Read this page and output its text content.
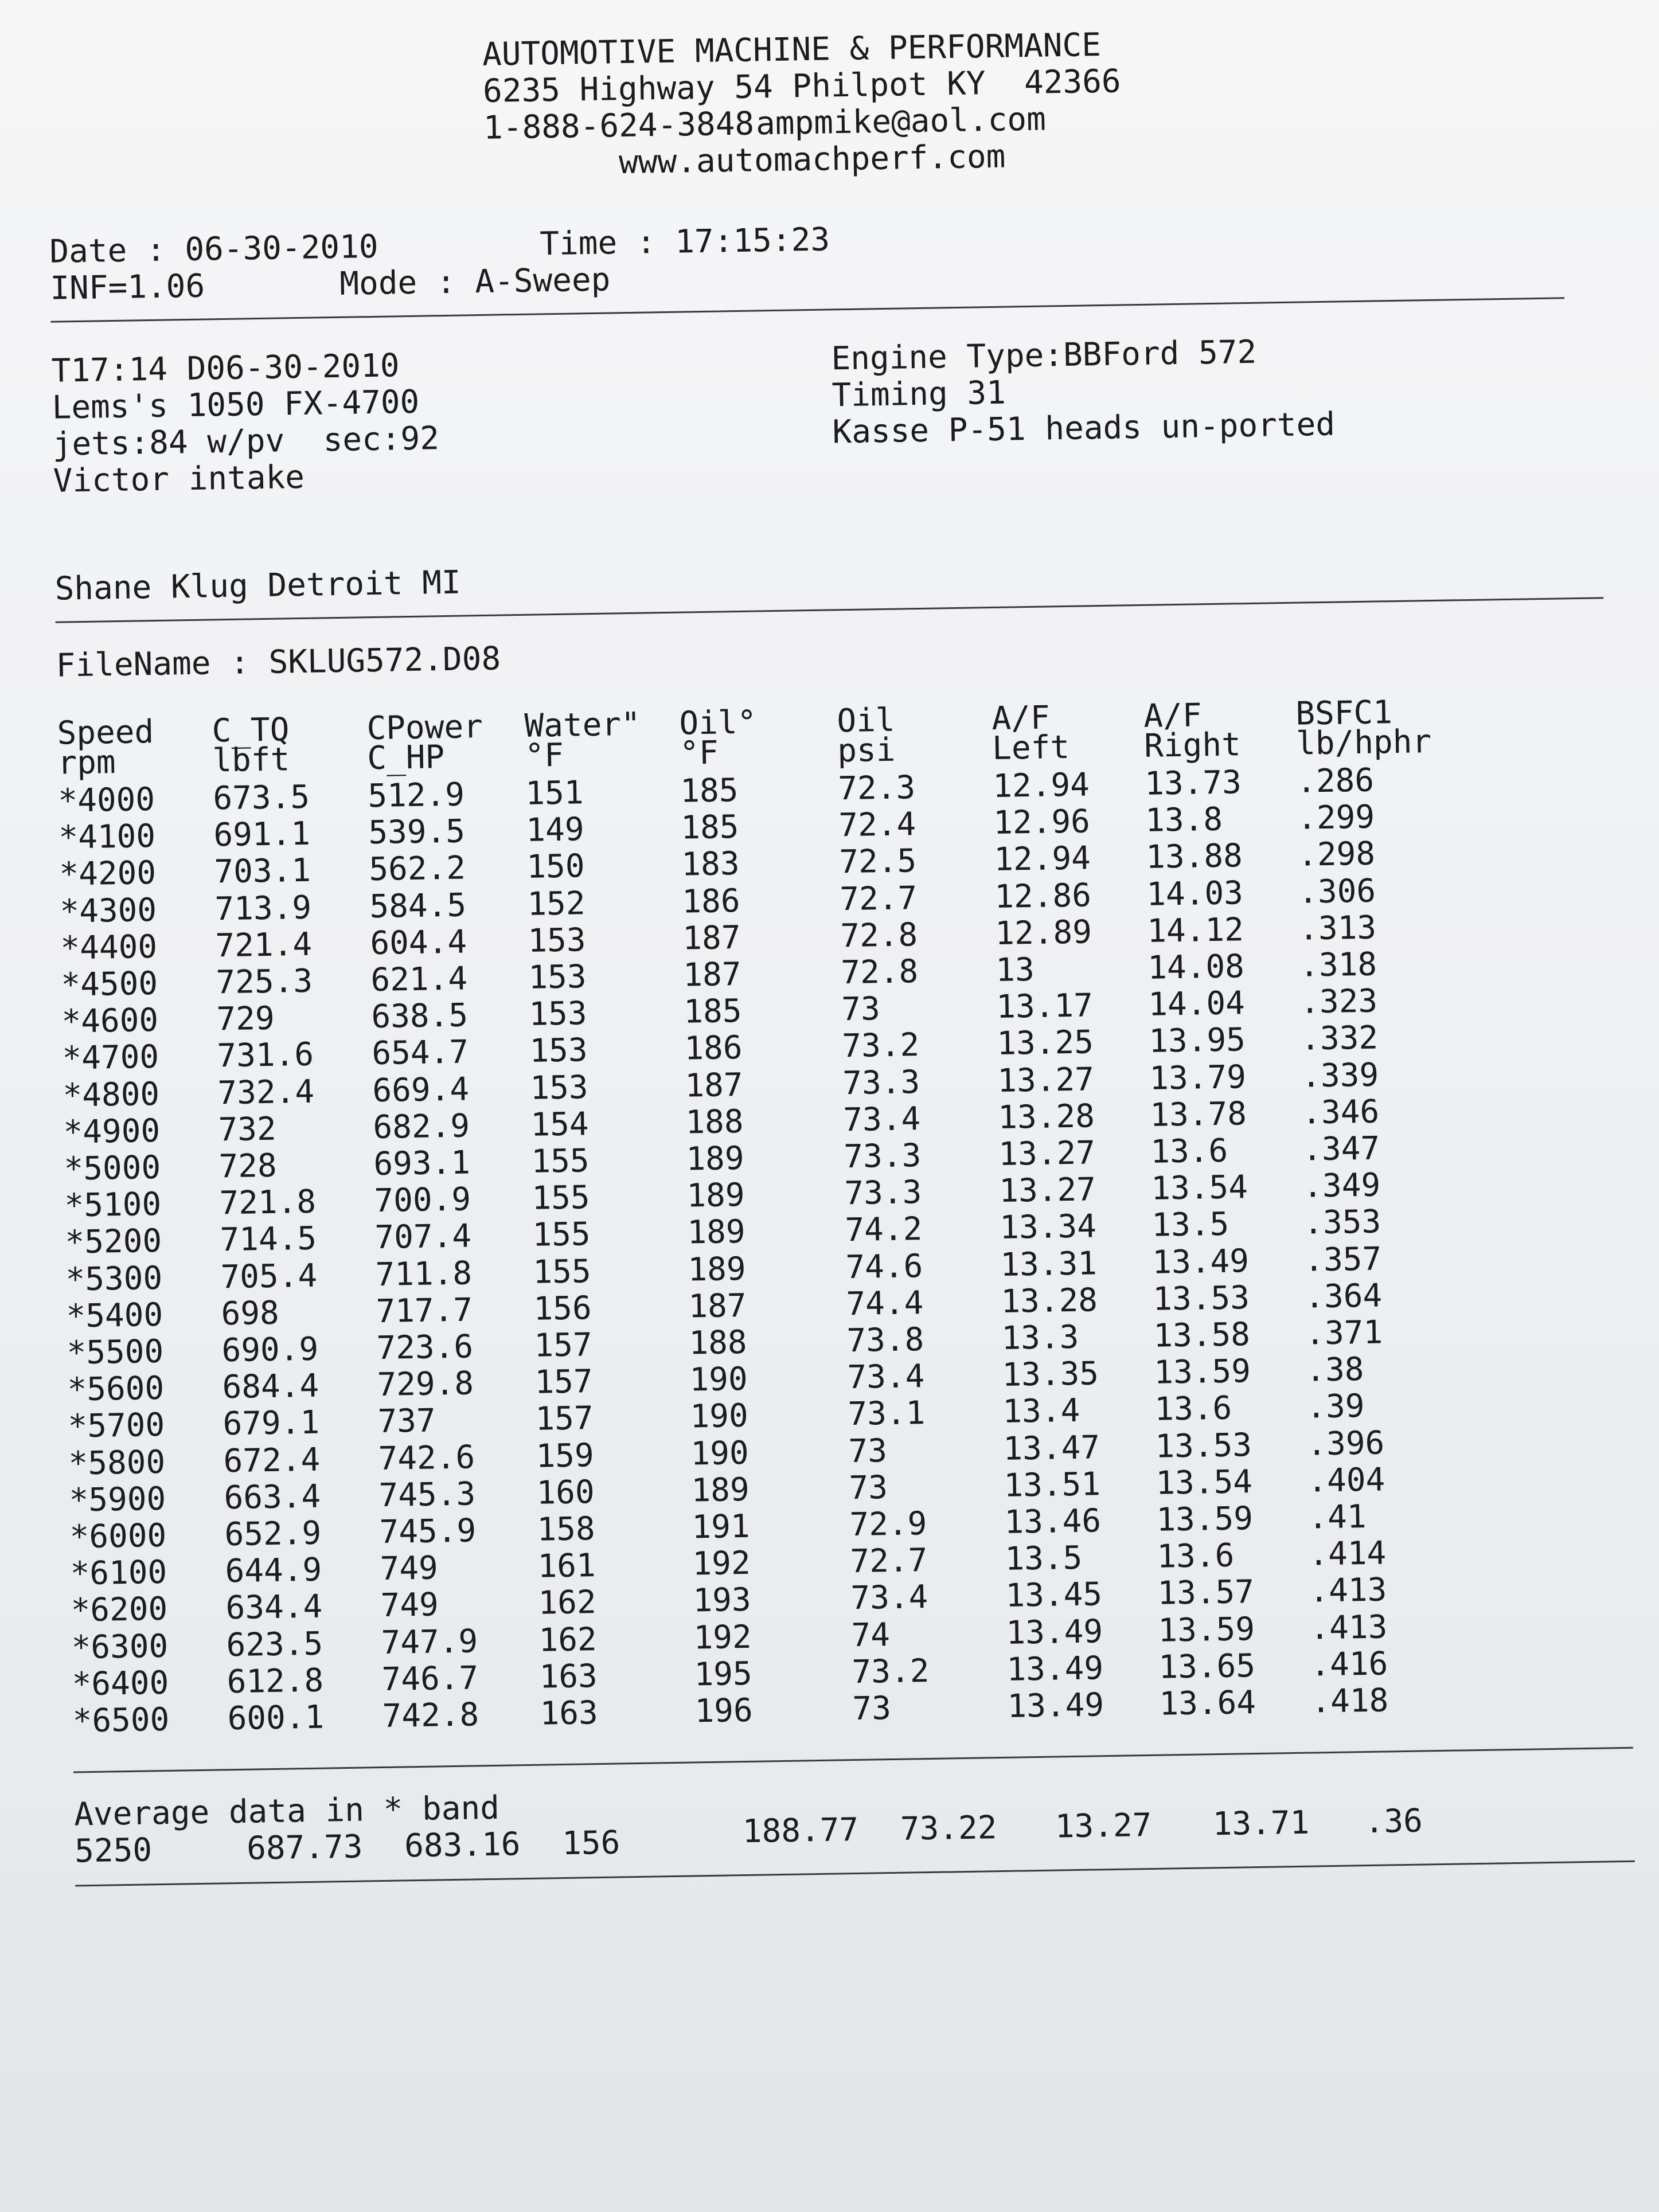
AUTOMOTIVE MACHINE & PERFORMANCE
6235 Highway 54 Philpot KY  42366
1-888-624-3848 ampmike@aol.com
www.automachperf.com
Date : 06-30-2010	Time : 17:15:23
INF=1.06	Mode : A-Sweep
T17:14 D06-30-2010
Lems's 1050 FX-4700
jets:84 w/pv  sec:92
Victor intake
Engine Type:BBFord 572
Timing 31
Kasse P-51 heads un-ported
Shane Klug Detroit MI
FileName : SKLUG572.D08
Speed C_TQ CPower Water" Oil° Oil	A/F	A/F	BSFC1
rpm	lbft C_HP °F	°F	psi	Left Right lb/hphr
*4000 673.5 512.9 151	185	72.3 12.94 13.73 .286
*4100 691.1 539.5 149	185	72.4 12.96 13.8 .299
*4200 703.1 562.2 150	183	72.5 12.94 13.88 .298
*4300 713.9 584.5 152	186	72.7 12.86 14.03 .306
*4400 721.4 604.4 153	187	72.8 12.89 14.12 .313
*4500 725.3 621.4 153	187	72.8 13	14.08 .318
*4600 729	638.5 153	185	73	13.17 14.04 .323
*4700 731.6 654.7 153	186	73.2 13.25 13.95 .332
*4800 732.4 669.4 153	187	73.3 13.27 13.79 .339
*4900 732	682.9 154	188	73.4 13.28 13.78 .346
*5000 728	693.1 155	189	73.3 13.27 13.6 .347
*5100 721.8 700.9 155	189	73.3 13.27 13.54 .349
*5200 714.5 707.4 155	189	74.2 13.34 13.5 .353
*5300 705.4 711.8 155	189	74.6 13.31 13.49 .357
*5400 698	717.7 156	187	74.4 13.28 13.53 .364
*5500 690.9 723.6 157	188	73.8 13.3 13.58 .371
*5600 684.4 729.8 157	190	73.4 13.35 13.59 .38
*5700 679.1 737	157	190	73.1 13.4 13.6 .39
*5800 672.4 742.6 159	190	73	13.47 13.53 .396
*5900 663.4 745.3 160	189	73	13.51 13.54 .404
*6000 652.9 745.9 158	191	72.9 13.46 13.59 .41
*6100 644.9 749	161	192	72.7 13.5 13.6 .414
*6200 634.4 749	162	193	73.4 13.45 13.57 .413
*6300 623.5 747.9 162	192	74	13.49 13.59 .413
*6400 612.8 746.7 163	195	73.2 13.49 13.65 .416
*6500 600.1 742.8 163	196	73	13.49 13.64 .418
Average data in * band
5250	687.73 683.16 156	188.77 73.22 13.27 13.71 .36
